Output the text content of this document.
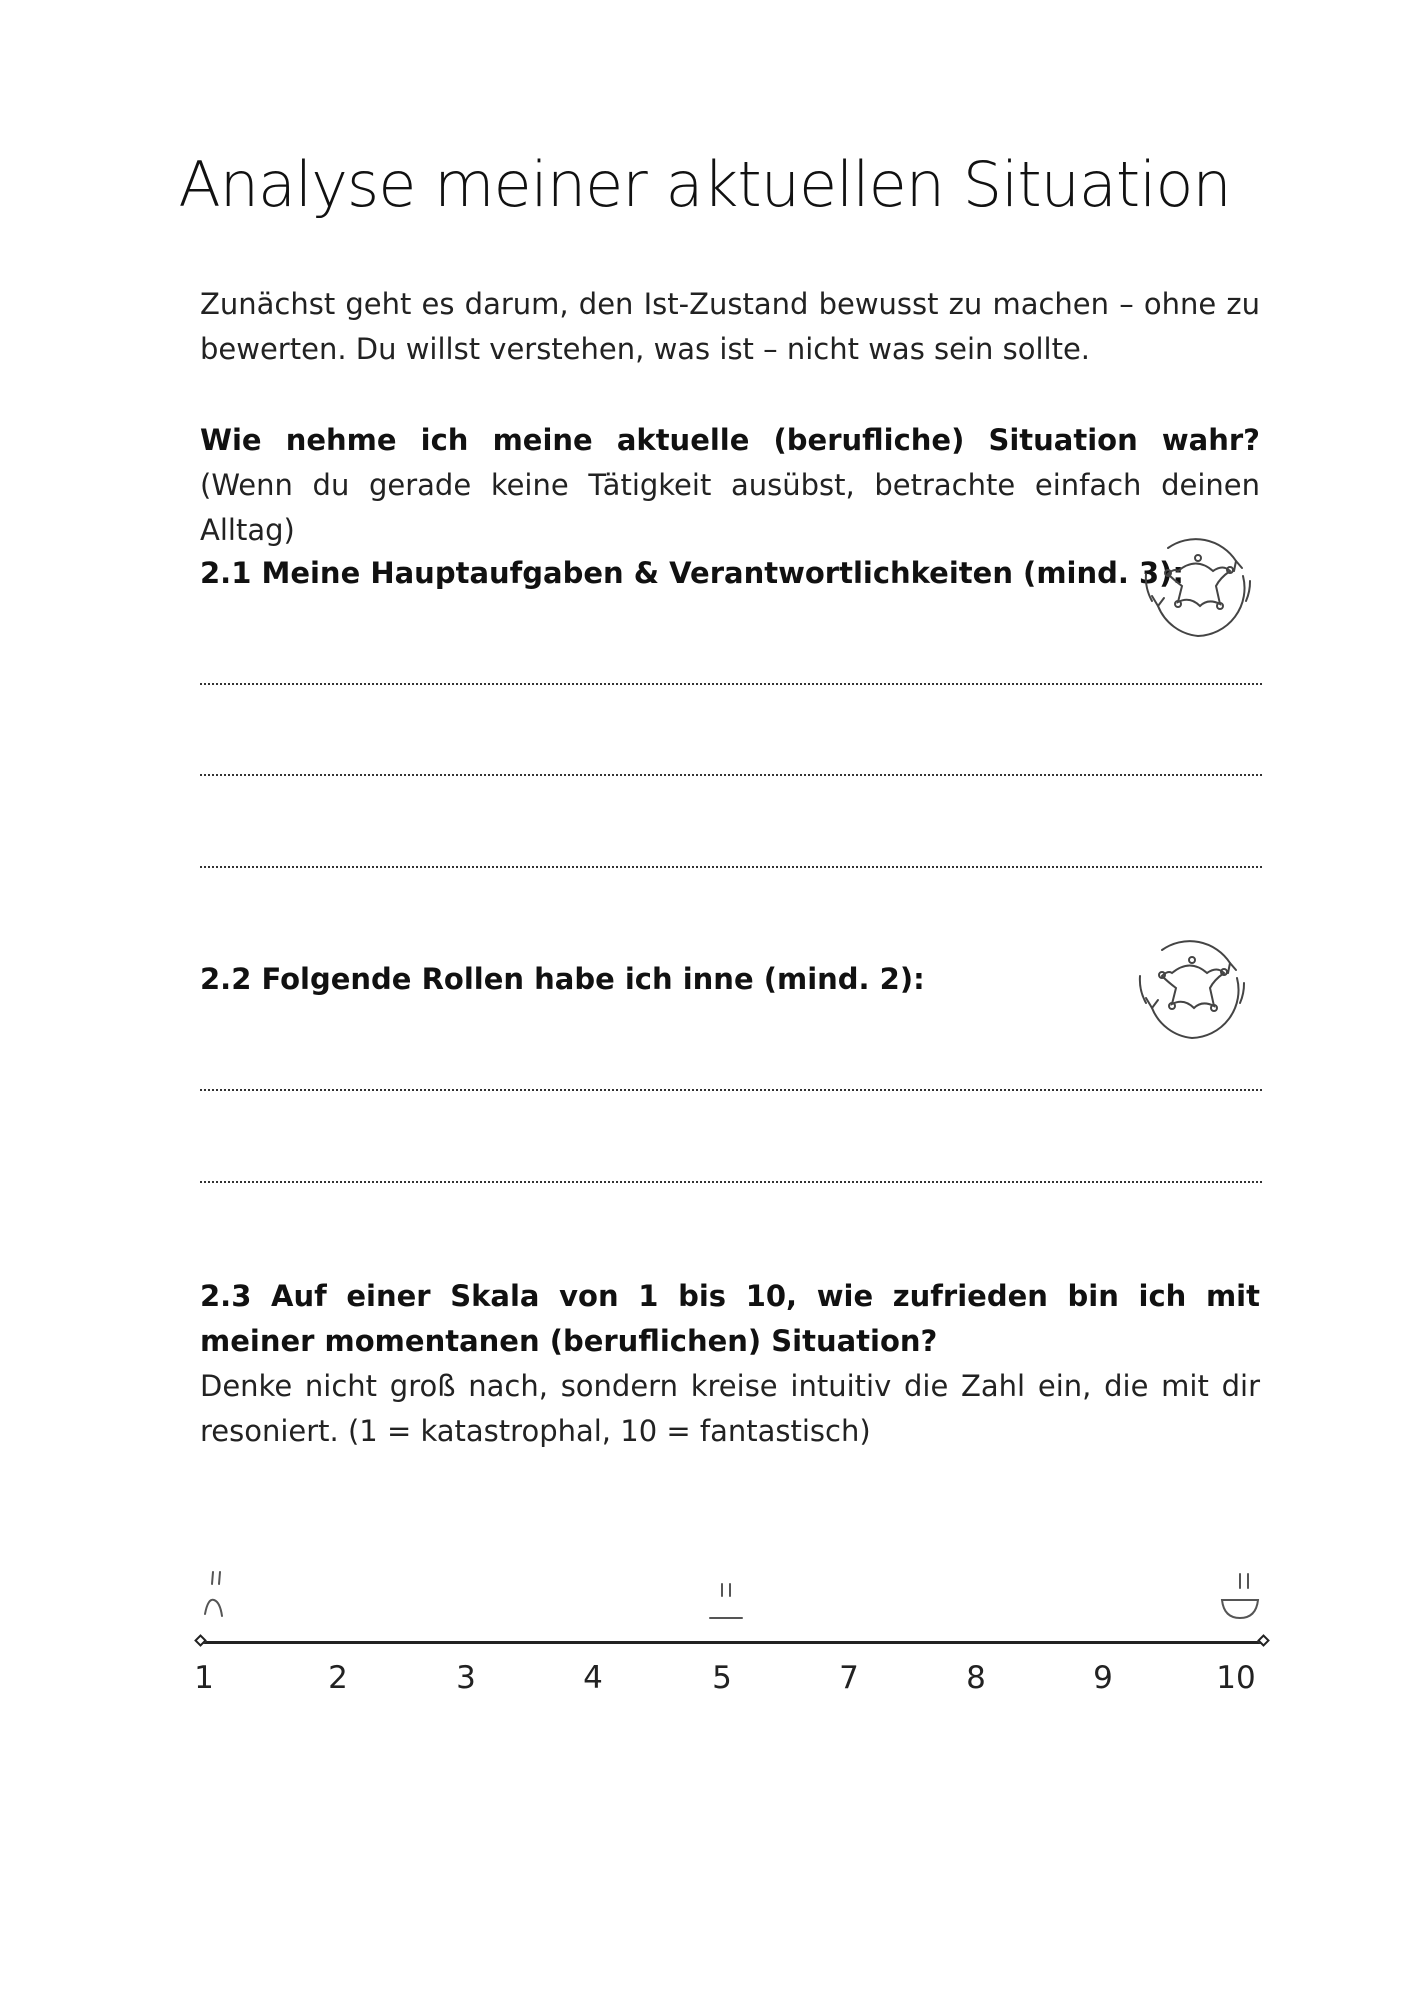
Analyse meiner aktuellen Situation
Zunächst geht es darum, den Ist-Zustand bewusst zu machen – ohne zu bewerten. Du willst verstehen, was ist – nicht was sein sollte.
Wie nehme ich meine aktuelle (berufliche) Situation wahr? (Wenn du gerade keine Tätigkeit ausübst, betrachte einfach deinen Alltag)
2.1 Meine Hauptaufgaben & Verantwortlichkeiten (mind. 3):
2.2 Folgende Rollen habe ich inne (mind. 2):
2.3 Auf einer Skala von 1 bis 10, wie zufrieden bin ich mit meiner momentanen (beruflichen) Situation?
Denke nicht groß nach, sondern kreise intuitiv die Zahl ein, die mit dir resoniert. (1 = katastrophal, 10 = fantastisch)
1	2	3	4	5	7	8	9	10
